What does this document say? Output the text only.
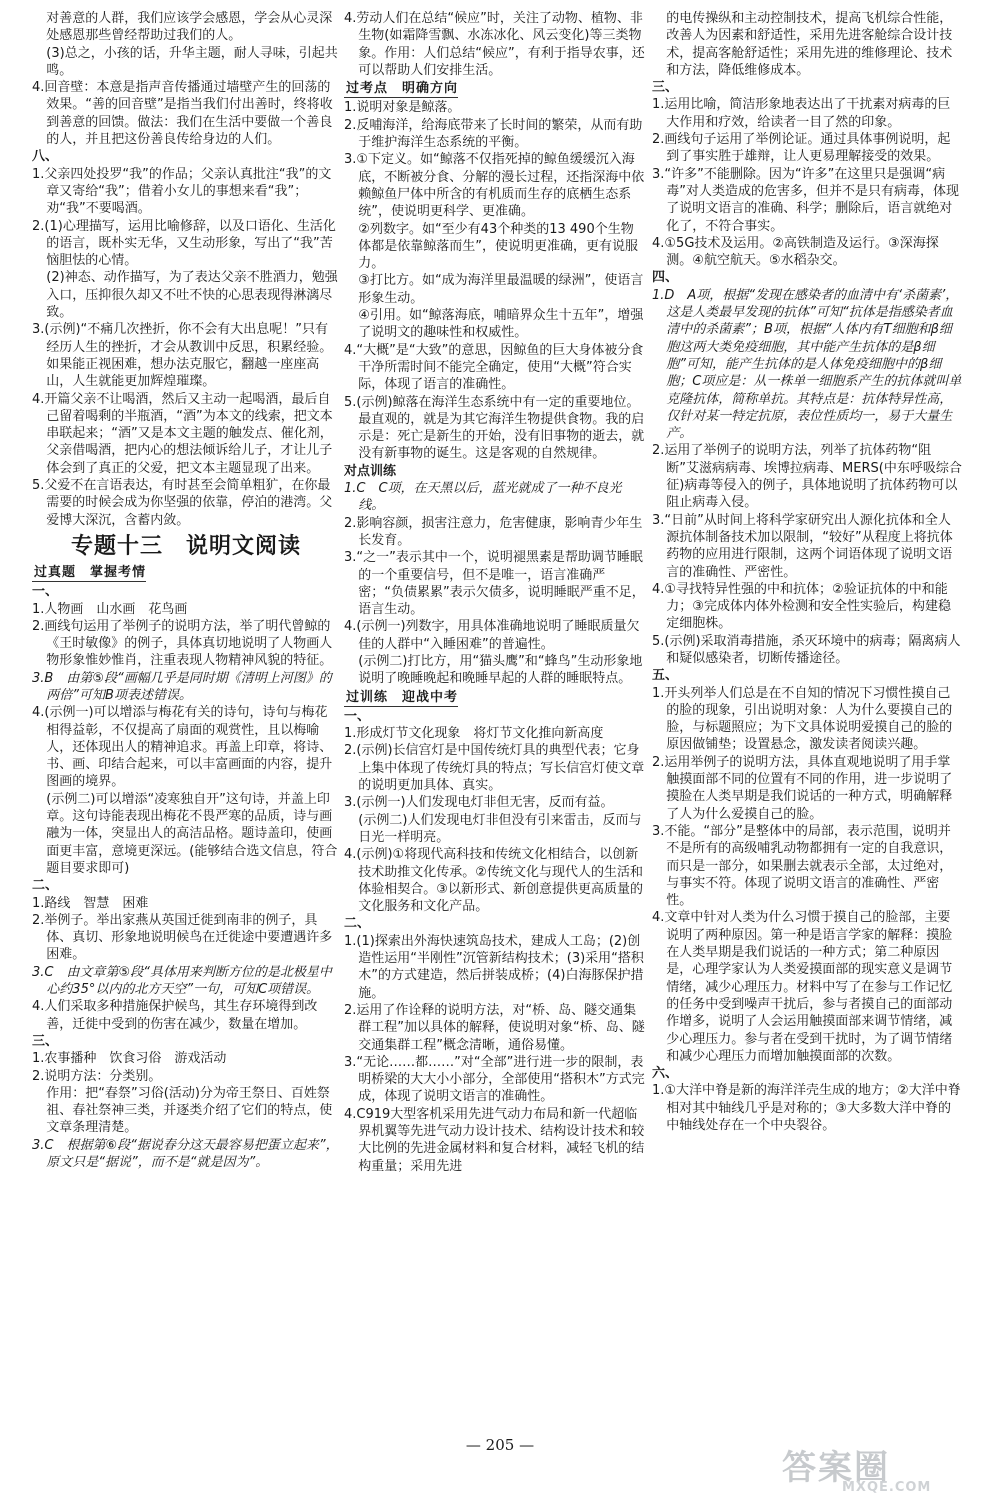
对善意的人群，我们应该学会感恩，学会从心灵深处感恩那些曾经帮助过我们的人。

(3)总之，小孩的话，升华主题，耐人寻味，引起共鸣。

4.回音壁：本意是指声音传播通过墙壁产生的回荡的效果。“善的回音壁”是指当我们付出善时，终将收到善意的回馈。做法：我们在生活中要做一个善良的人，并且把这份善良传给身边的人们。

八、

1.父亲四处投罗“我”的作品；父亲认真批注“我”的文章又寄给“我”；借着小女儿的事想来看“我”；劝“我”不要喝酒。

2.(1)心理描写，运用比喻修辞，以及口语化、生活化的语言，既朴实无华，又生动形象，写出了“我”苦恼胆怯的心情。

(2)神态、动作描写，为了表达父亲不胜酒力，勉强入口，压抑很久却又不吐不快的心思表现得淋漓尽致。

3.(示例)“不痛几次挫折，你不会有大出息呢！”只有经历人生的挫折，才会从教训中反思，积累经验。如果能正视困难，想办法克服它，翻越一座座高山，人生就能更加辉煌璀璨。

4.开篇父亲不让喝酒，然后又主动一起喝酒，最后自己留着喝剩的半瓶酒，“酒”为本文的线索，把文本串联起来；“酒”又是本文主题的触发点、催化剂，父亲借喝酒，把内心的想法倾诉给儿子，才让儿子体会到了真正的父爱，把文本主题显现了出来。

5.父爱不在言语表达，有时甚至会简单粗犷，在你最需要的时候会成为你坚强的依靠，停泊的港湾。父爱博大深沉，含蓄内敛。

专题十三　说明文阅读

过真题　掌握考情

一、

1.人物画　山水画　花鸟画

2.画线句运用了举例子的说明方法，举了明代曾鲸的《王时敏像》的例子，具体真切地说明了人物画人物形象惟妙惟肖，注重表现人物精神风貌的特征。

3.B　由第⑤段“画幅几乎是同时期《清明上河图》的两倍”可知B项表述错误。

4.(示例一)可以增添与梅花有关的诗句，诗句与梅花相得益彰，不仅提高了扇面的观赏性，且以梅喻人，还体现出人的精神追求。再盖上印章，将诗、书、画、印结合起来，可以丰富画面的内容，提升图画的境界。

(示例二)可以增添“凌寒独自开”这句诗，并盖上印章。这句诗能表现出梅花不畏严寒的品质，诗与画融为一体，突显出人的高洁品格。题诗盖印，使画面更丰富，意境更深远。(能够结合选文信息，符合题目要求即可)

二、

1.路线　智慧　困难

2.举例子。举出家燕从英国迁徙到南非的例子，具体、真切、形象地说明候鸟在迁徙途中要遭遇许多困难。

3.C　由文章第⑤段“具体用来判断方位的是北极星中心约35°以内的北方天空”一句，可知C项错误。

4.人们采取多种措施保护候鸟，其生存环境得到改善，迁徙中受到的伤害在减少，数量在增加。

三、

1.农事播种　饮食习俗　游戏活动

2.说明方法：分类别。

作用：把“春祭”习俗(活动)分为帝王祭日、百姓祭祖、春社祭神三类，并逐类介绍了它们的特点，使文章条理清楚。

3.C　根据第⑥段“据说春分这天最容易把蛋立起来”，原文只是“据说”，而不是“就是因为”。

4.劳动人们在总结“候应”时，关注了动物、植物、非生物(如霜降雪飘、水冻冰化、风云变化)等三类物象。作用：人们总结“候应”，有利于指导农事，还可以帮助人们安排生活。

过考点　明确方向

1.说明对象是鲸落。

2.反哺海洋，给海底带来了长时间的繁荣，从而有助于维护海洋生态系统的平衡。

3.①下定义。如“鲸落不仅指死掉的鲸鱼缓缓沉入海底，不断被分食、分解的漫长过程，还指深海中依赖鲸鱼尸体中所含的有机质而生存的底栖生态系统”，使说明更科学、更准确。

②列数字。如“至少有43个种类的13 490个生物体都是依靠鲸落而生”，使说明更准确，更有说服力。

③打比方。如“成为海洋里最温暖的绿洲”，使语言形象生动。

④引用。如“鲸落海底，哺暗界众生十五年”，增强了说明文的趣味性和权威性。

4.“大概”是“大致”的意思，因鲸鱼的巨大身体被分食干净所需时间不能完全确定，使用“大概”符合实际，体现了语言的准确性。

5.(示例)鲸落在海洋生态系统中有一定的重要地位。最直观的，就是为其它海洋生物提供食物。我的启示是：死亡是新生的开始，没有旧事物的逝去，就没有新事物的诞生。这是客观的自然规律。

对点训练

1.C　C项，在天黑以后，蓝光就成了一种不良光线。

2.影响容颜，损害注意力，危害健康，影响青少年生长发育。

3.“之一”表示其中一个，说明褪黑素是帮助调节睡眠的一个重要信号，但不是唯一，语言准确严密；“负债累累”表示欠债多，说明睡眠严重不足，语言生动。

4.(示例一)列数字，用具体准确地说明了睡眠质量欠佳的人群中“入睡困难”的普遍性。

(示例二)打比方，用“猫头鹰”和“蜂鸟”生动形象地说明了晚睡晚起和晚睡早起的人群的睡眠特点。

过训练　迎战中考

一、

1.形成灯节文化现象　将灯节文化推向新高度

2.(示例)长信宫灯是中国传统灯具的典型代表；它身上集中体现了传统灯具的特点；写长信宫灯使文章的说明更加具体、真实。

3.(示例一)人们发现电灯非但无害，反而有益。

(示例二)人们发现电灯非但没有引来雷击，反而与日光一样明亮。

4.(示例)①将现代高科技和传统文化相结合，以创新技术助推文化传承。②传统文化与现代人的生活和体验相契合。③以新形式、新创意提供更高质量的文化服务和文化产品。

二、

1.(1)探索出外海快速筑岛技术，建成人工岛；(2)创造性运用“半刚性”沉管新结构技术；(3)采用“搭积木”的方式建造，然后拼装成桥；(4)白海豚保护措施。

2.运用了作诠释的说明方法，对“桥、岛、隧交通集群工程”加以具体的解释，使说明对象“桥、岛、隧交通集群工程”概念清晰，通俗易懂。

3.“无论……都……”对“全部”进行进一步的限制，表明桥梁的大大小小部分，全部使用“搭积木”方式完成，体现了说明文语言的准确性。

4.C919大型客机采用先进气动力布局和新一代超临界机翼等先进气动力设计技术、结构设计技术和较大比例的先进金属材料和复合材料，减轻飞机的结构重量；采用先进

的电传操纵和主动控制技术，提高飞机综合性能，改善人为因素和舒适性，采用先进客舱综合设计技术，提高客舱舒适性；采用先进的维修理论、技术和方法，降低维修成本。

三、

1.运用比喻，简洁形象地表达出了干扰素对病毒的巨大作用和疗效，给读者一目了然的印象。

2.画线句子运用了举例论证。通过具体事例说明，起到了事实胜于雄辩，让人更易理解接受的效果。

3.“许多”不能删除。因为“许多”在这里只是强调“病毒”对人类造成的危害多，但并不是只有病毒，体现了说明文语言的准确、科学；删除后，语言就绝对化了，不符合事实。

4.①5G技术及运用。②高铁制造及运行。③深海探测。④航空航天。⑤水稻杂交。

四、

1.D　A项，根据“发现在感染者的血清中有‘杀菌素’，这是人类最早发现的抗体”可知“抗体是指感染者血清中的杀菌素”；B项，根据“人体内有T细胞和β细胞这两大类免疫细胞，其中能产生抗体的是β细胞”可知，能产生抗体的是人体免疫细胞中的β细胞；C项应是：从一株单一细胞系产生的抗体就叫单克隆抗体，简称单抗。其特点是：抗体特异性高，仅针对某一特定抗原，表位性质均一，易于大量生产。

2.运用了举例子的说明方法，列举了抗体药物“阻断”艾滋病病毒、埃博拉病毒、MERS(中东呼吸综合征)病毒等侵入的例子，具体地说明了抗体药物可以阻止病毒入侵。

3.“日前”从时间上将科学家研究出人源化抗体和全人源抗体制备技术加以限制，“较好”从程度上将抗体药物的应用进行限制，这两个词语体现了说明文语言的准确性、严密性。

4.①寻找特异性强的中和抗体；②验证抗体的中和能力；③完成体内体外检测和安全性实验后，构建稳定细胞株。

5.(示例)采取消毒措施，杀灭环境中的病毒；隔离病人和疑似感染者，切断传播途径。

五、

1.开头列举人们总是在不自知的情况下习惯性摸自己的脸的现象，引出说明对象：人为什么要摸自己的脸，与标题照应；为下文具体说明爱摸自己的脸的原因做铺垫；设置悬念，激发读者阅读兴趣。

2.运用举例子的说明方法，具体直观地说明了用手掌触摸面部不同的位置有不同的作用，进一步说明了摸脸在人类早期是我们说话的一种方式，明确解释了人为什么爱摸自己的脸。

3.不能。“部分”是整体中的局部，表示范围，说明并不是所有的高级哺乳动物都拥有一定的自我意识，而只是一部分，如果删去就表示全部，太过绝对，与事实不符。体现了说明文语言的准确性、严密性。

4.文章中针对人类为什么习惯于摸自己的脸部，主要说明了两种原因。第一种是语言学家的解释：摸脸在人类早期是我们说话的一种方式；第二种原因是，心理学家认为人类爱摸面部的现实意义是调节情绪，减少心理压力。材料中写了在参与工作记忆的任务中受到噪声干扰后，参与者摸自己的面部动作增多，说明了人会运用触摸面部来调节情绪，减少心理压力。参与者在受到干扰时，为了调节情绪和减少心理压力而增加触摸面部的次数。

六、

1.①大洋中脊是新的海洋洋壳生成的地方；②大洋中脊相对其中轴线几乎是对称的；③大多数大洋中脊的中轴线处存在一个中央裂谷。

— 205 —
答案圈
MXQE.COM
